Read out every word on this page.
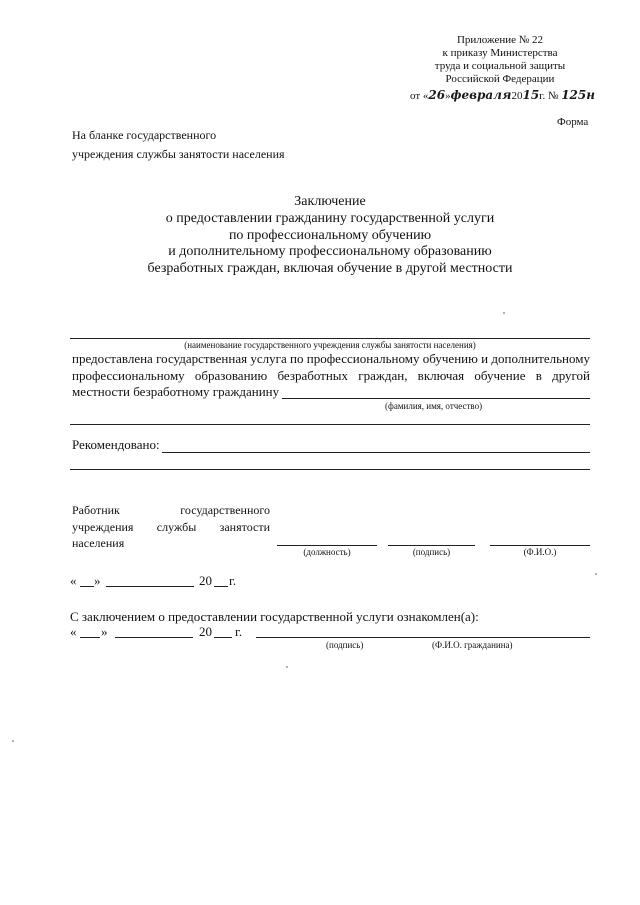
Приложение № 22
к приказу Министерства
труда и социальной защиты
Российской Федерации
от «26»февраля2015г. № 125н
Форма
На бланке государственного
учреждения службы занятости населения
Заключение
о предоставлении гражданину государственной услуги
по профессиональному обучению
и дополнительному профессиональному образованию
безработных граждан, включая обучение в другой местности
(наименование государственного учреждения службы занятости населения)
предоставлена государственная услуга по профессиональному обучению и дополнительному
профессиональному образованию безработных граждан, включая обучение в другой
местности безработному гражданину
(фамилия, имя, отчество)
Рекомендовано:
Работник государственного
учреждения службы занятости
населения
(должность)	(подпись)	(Ф.И.О.)
« »	20 г.
С заключением о предоставлении государственной услуги ознакомлен(а):
« »	20 г.
(подпись)	(Ф.И.О. гражданина)
